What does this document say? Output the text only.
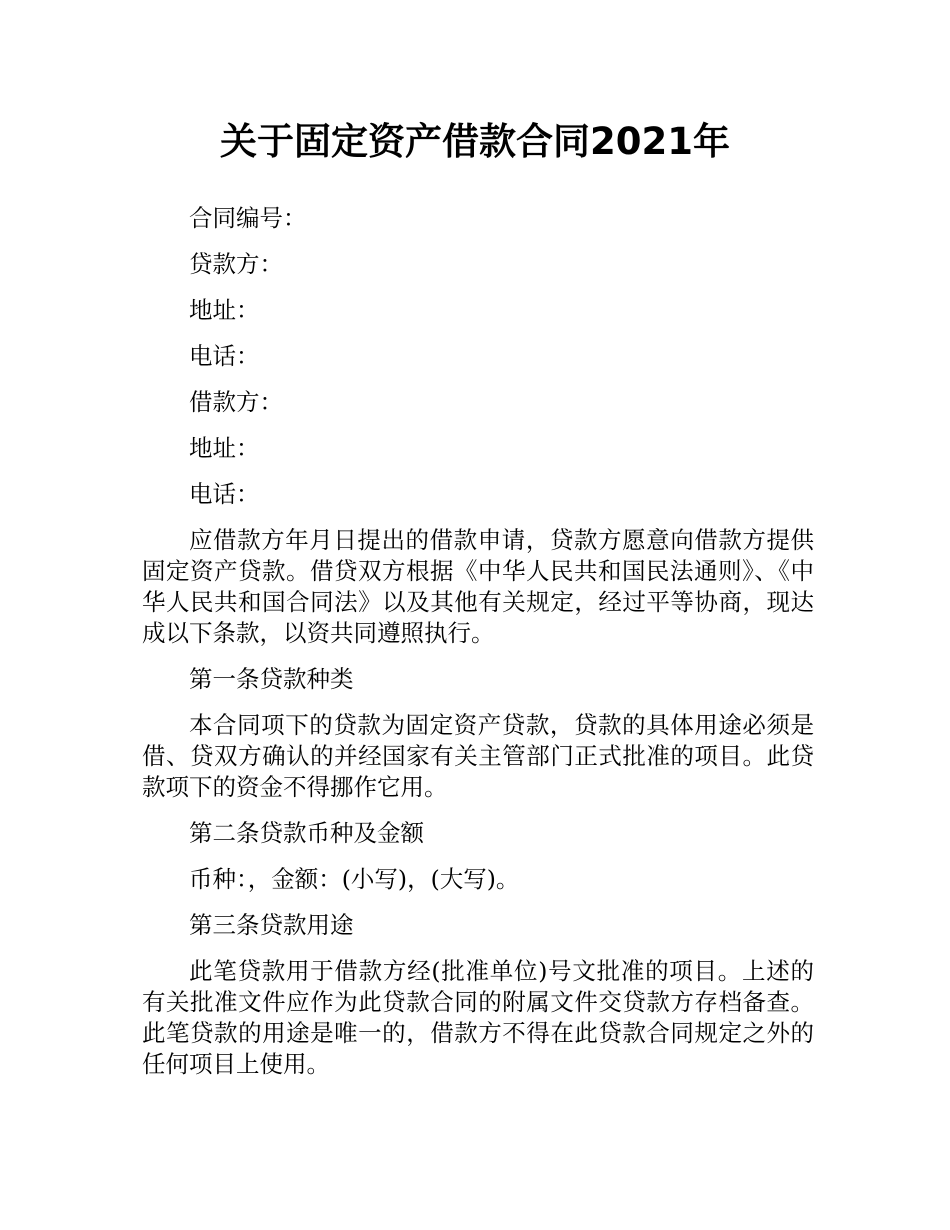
关于固定资产借款合同2021年

合同编号：

贷款方：

地址：

电话：

借款方：

地址：

电话：

应借款方年月日提出的借款申请，贷款方愿意向借款方提供固定资产贷款。借贷双方根据《中华人民共和国民法通则》、《中华人民共和国合同法》以及其他有关规定，经过平等协商，现达成以下条款，以资共同遵照执行。

第一条贷款种类

本合同项下的贷款为固定资产贷款，贷款的具体用途必须是借、贷双方确认的并经国家有关主管部门正式批准的项目。此贷款项下的资金不得挪作它用。

第二条贷款币种及金额

币种：，金额：(小写)，(大写)。

第三条贷款用途

此笔贷款用于借款方经(批准单位)号文批准的项目。上述的有关批准文件应作为此贷款合同的附属文件交贷款方存档备查。此笔贷款的用途是唯一的，借款方不得在此贷款合同规定之外的任何项目上使用。
